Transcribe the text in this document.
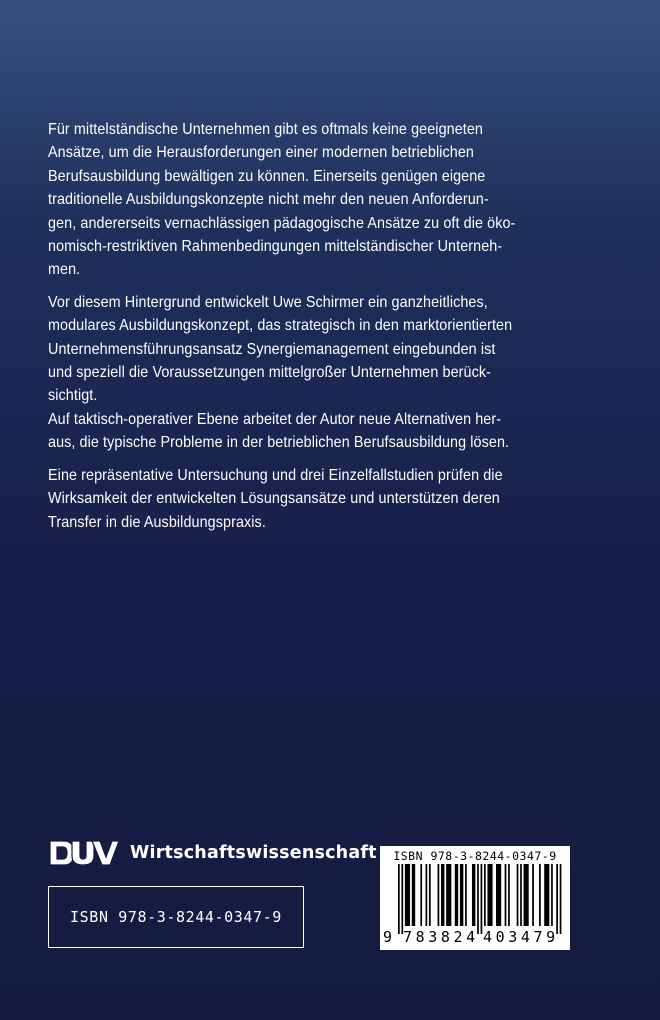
Für mittelständische Unternehmen gibt es oftmals keine geeigneten
Ansätze, um die Herausforderungen einer modernen betrieblichen
Berufsausbildung bewältigen zu können. Einerseits genügen eigene
traditionelle Ausbildungskonzepte nicht mehr den neuen Anforderun-
gen, andererseits vernachlässigen pädagogische Ansätze zu oft die öko-
nomisch-restriktiven Rahmenbedingungen mittelständischer Unterneh-
men.

Vor diesem Hintergrund entwickelt Uwe Schirmer ein ganzheitliches,
modulares Ausbildungskonzept, das strategisch in den marktorientierten
Unternehmensführungsansatz Synergiemanagement eingebunden ist
und speziell die Voraussetzungen mittelgroßer Unternehmen berück-
sichtigt.

Auf taktisch-operativer Ebene arbeitet der Autor neue Alternativen her-
aus, die typische Probleme in der betrieblichen Berufsausbildung lösen.

Eine repräsentative Untersuchung und drei Einzelfallstudien prüfen die
Wirksamkeit der entwickelten Lösungsansätze und unterstützen deren
Transfer in die Ausbildungspraxis.

Wirtschaftswissenschaft
ISBN 978-3-8244-0347-9
ISBN 978-3-8244-0347-9
9 783824 403479
